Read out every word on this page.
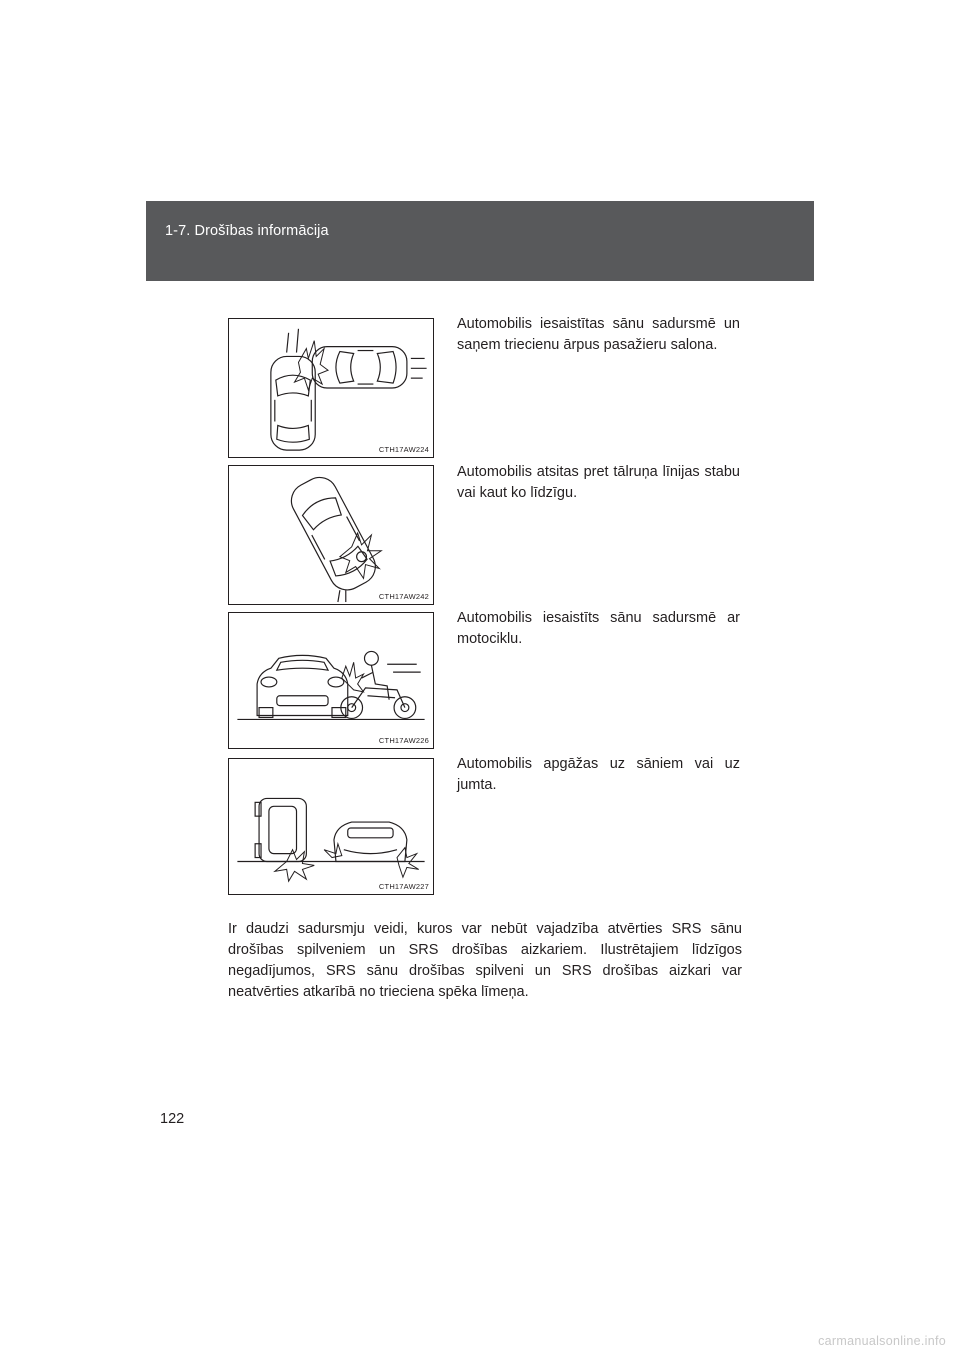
1-7. Drošības informācija
CTH17AW224
Automobilis iesaistītas sānu sadursmē un saņem triecienu ārpus pasažieru salona.
CTH17AW242
Automobilis atsitas pret tālruņa līnijas stabu vai kaut ko līdzīgu.
CTH17AW226
Automobilis iesaistīts sānu sadursmē ar motociklu.
CTH17AW227
Automobilis apgāžas uz sāniem vai uz jumta.
Ir daudzi sadursmju veidi, kuros var nebūt vajadzība atvērties SRS sānu drošības spilveniem un SRS drošības aizkariem. Ilustrētajiem līdzīgos negadījumos, SRS sānu drošības spilveni un SRS drošības aizkari var neatvērties atkarībā no trieciena spēka līmeņa.
122
carmanualsonline.info
